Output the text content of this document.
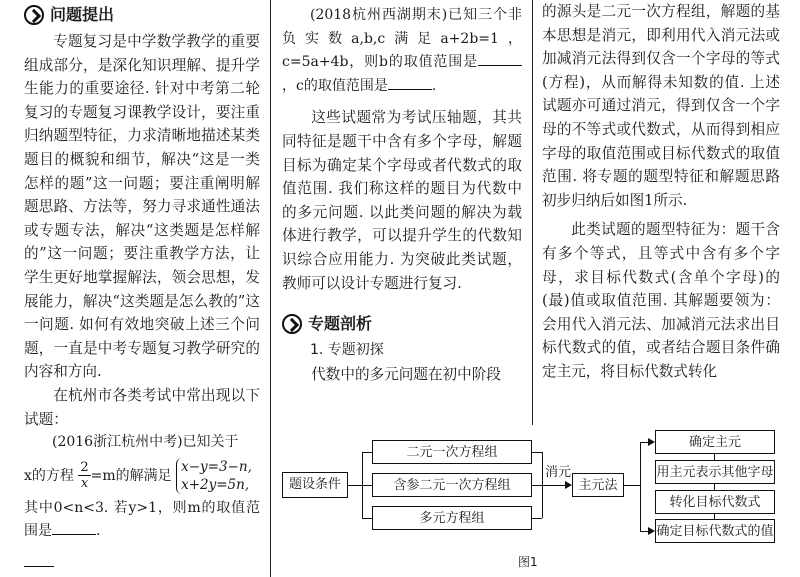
问题提出

专题复习是中学数学教学的重要组成部分，是深化知识理解、提升学生能力的重要途径. 针对中考第二轮复习的专题复习课教学设计，要注重归纳题型特征，力求清晰地描述某类题目的概貌和细节，解决“这是一类怎样的题”这一问题；要注重阐明解题思路、方法等，努力寻求通性通法或专题专法，解决“这类题是怎样解的”这一问题；要注重教学方法，让学生更好地掌握解法，领会思想，发展能力，解决“这类题是怎么教的”这一问题. 如何有效地突破上述三个问题，一直是中考专题复习教学研究的内容和方向.

在杭州市各类考试中常出现以下试题：

(2016浙江杭州中考)已知关于

x的方程 $\frac{2}{x} =m$的解满足
x−y=3−n,
x+2y=5n,

其中0<n<3. 若y>1，则m的取值范围是	.

(2018杭州西湖期末)已知三个非负实数a,b,c满足a+2b=1，c=5a+4b，则b的取值范围是，c的取值范围是	.

这些试题常为考试压轴题，其共同特征是题干中含有多个字母，解题目标为确定某个字母或者代数式的取值范围. 我们称这样的题目为代数中的多元问题. 以此类问题的解决为载体进行教学，可以提升学生的代数知识综合应用能力. 为突破此类试题，教师可以设计专题进行复习.

专题剖析
1. 专题初探

代数中的多元问题在初中阶段

的源头是二元一次方程组，解题的基本思想是消元，即利用代入消元法或加减消元法得到仅含一个字母的等式(方程)，从而解得未知数的值. 上述试题亦可通过消元，得到仅含一个字母的不等式或代数式，从而得到相应字母的取值范围或目标代数式的取值范围. 将专题的题型特征和解题思路初步归纳后如图1所示.

此类试题的题型特征为：题干含有多个等式，且等式中含有多个字母，求目标代数式(含单个字母)的(最)值或取值范围. 其解题要领为：会用代入消元法、加减消元法求出目标代数式的值，或者结合题目条件确定主元，将目标代数式转化

题设条件
二元一次方程组
含参二元一次方程组
多元方程组
消元
主元法
确定主元
用主元表示其他字母
转化目标代数式
确定目标代数式的值
图1
